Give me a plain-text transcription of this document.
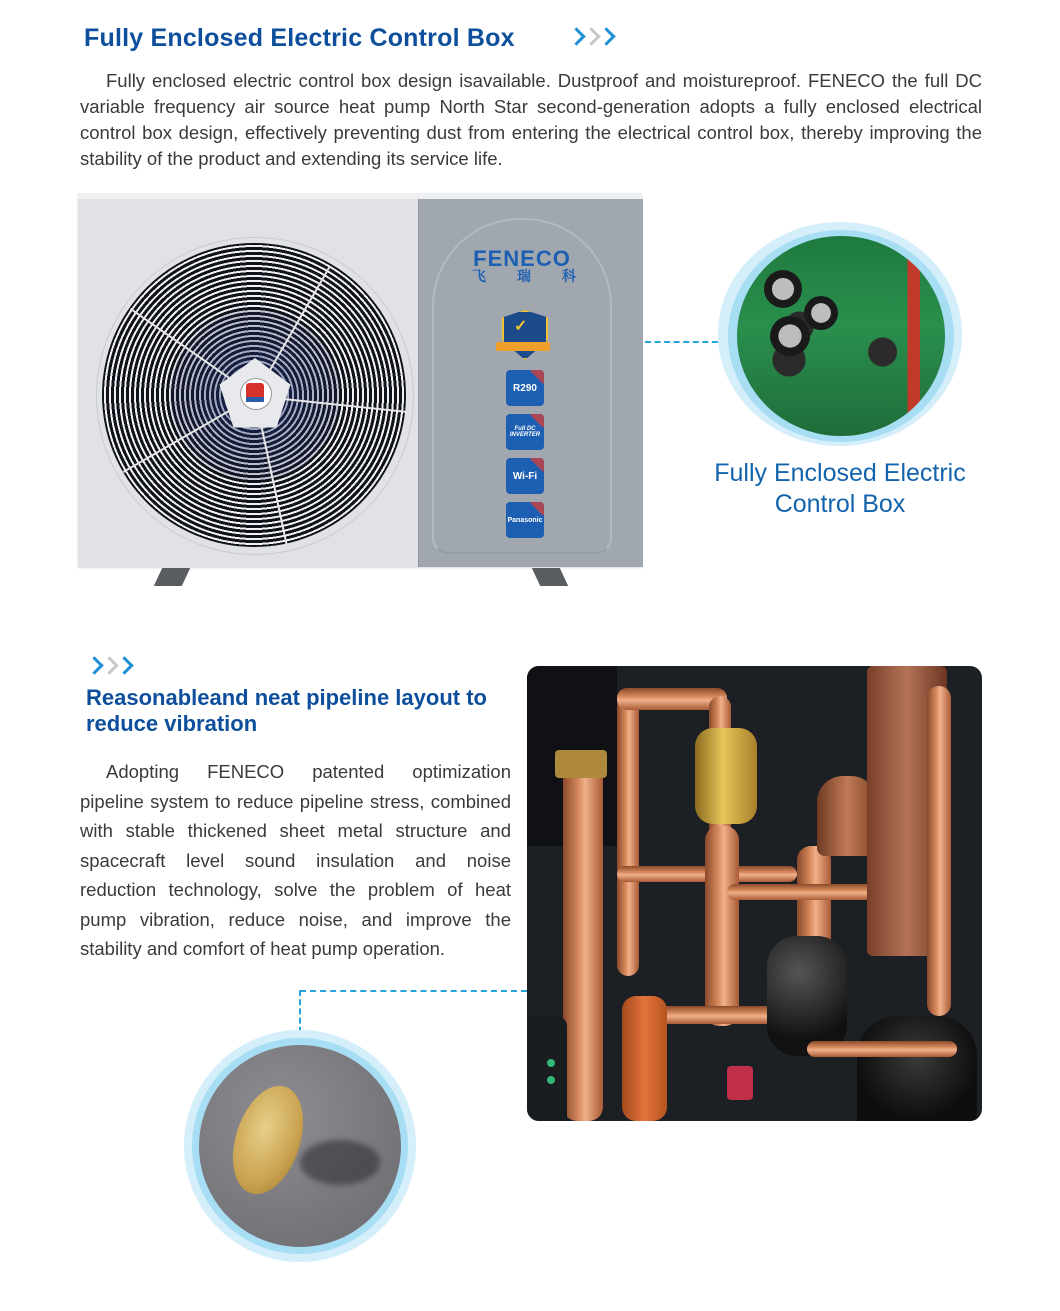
Fully Enclosed Electric Control Box

Fully enclosed electric control box design isavailable. Dustproof and moistureproof. FENECO the full DC variable frequency air source heat pump North Star second-generation adopts a fully enclosed electrical control box design, effectively preventing dust from entering the electrical control box, thereby improving the stability of the product and extending its service life.

FENECO
飞 瑞 科
✓
R290
Full DC INVERTER
Wi-Fi
Panasonic
Fully Enclosed Electric
Control Box
Reasonableand neat pipeline layout to reduce vibration

Adopting FENECO patented optimization pipeline system to reduce pipeline stress, combined with stable thickened sheet metal structure and spacecraft level sound insulation and noise reduction technology, solve the problem of heat pump vibration, reduce noise, and improve the stability and comfort of heat pump operation.
